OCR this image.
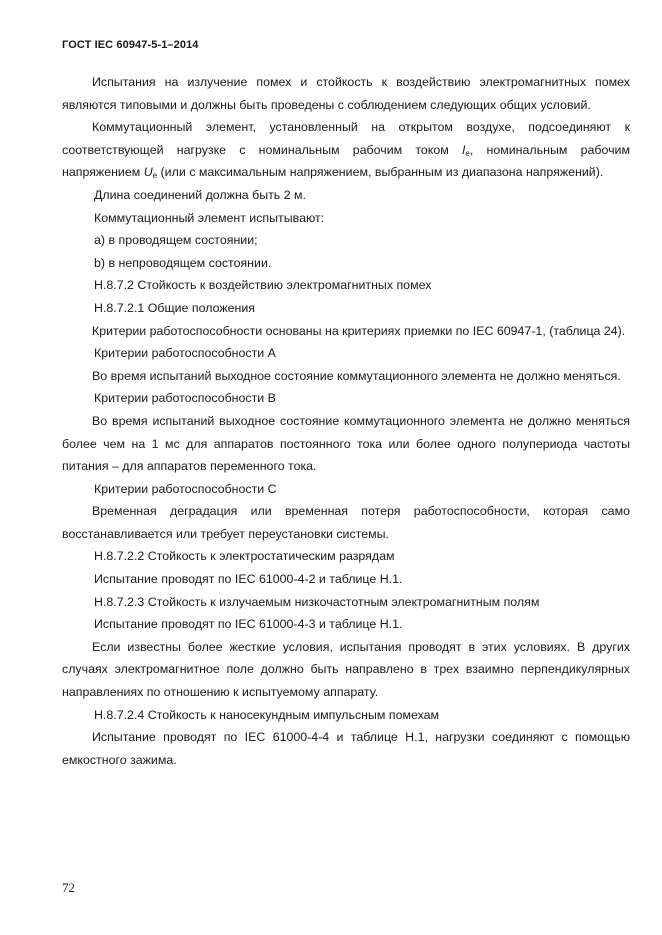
ГОСТ IEC 60947-5-1–2014

Испытания на излучение помех и стойкость к воздействию электромагнитных помех являются типовыми и должны быть проведены с соблюдением следующих общих условий.

Коммутационный элемент, установленный на открытом воздухе, подсоединяют к соответствующей нагрузке с номинальным рабочим током $I_e$, номинальным рабочим напряжением $U_e$ (или с максимальным напряжением, выбранным из диапазона напряжений).

Длина соединений должна быть 2 м.

Коммутационный элемент испытывают:

a) в проводящем состоянии;

b) в непроводящем состоянии.

H.8.7.2 Стойкость к воздействию электромагнитных помех

H.8.7.2.1 Общие положения

Критерии работоспособности основаны на критериях приемки по IEC 60947-1, (таблица 24).

Критерии работоспособности А

Во время испытаний выходное состояние коммутационного элемента не должно меняться.

Критерии работоспособности В

Во время испытаний выходное состояние коммутационного элемента не должно меняться более чем на 1 мс для аппаратов постоянного тока или более одного полупериода частоты питания – для аппаратов переменного тока.

Критерии работоспособности С

Временная деградация или временная потеря работоспособности, которая само восстанавливается или требует переустановки системы.

H.8.7.2.2 Стойкость к электростатическим разрядам

Испытание проводят по IEC 61000-4-2 и таблице H.1.

H.8.7.2.3 Стойкость к излучаемым низкочастотным электромагнитным полям

Испытание проводят по IEC 61000-4-3 и таблице H.1.

Если известны более жесткие условия, испытания проводят в этих условиях. В других случаях электромагнитное поле должно быть направлено в трех взаимно перпендикулярных направлениях по отношению к испытуемому аппарату.

H.8.7.2.4 Стойкость к наносекундным импульсным помехам

Испытание проводят по IEC 61000-4-4 и таблице H.1, нагрузки соединяют с помощью емкостного зажима.

72
